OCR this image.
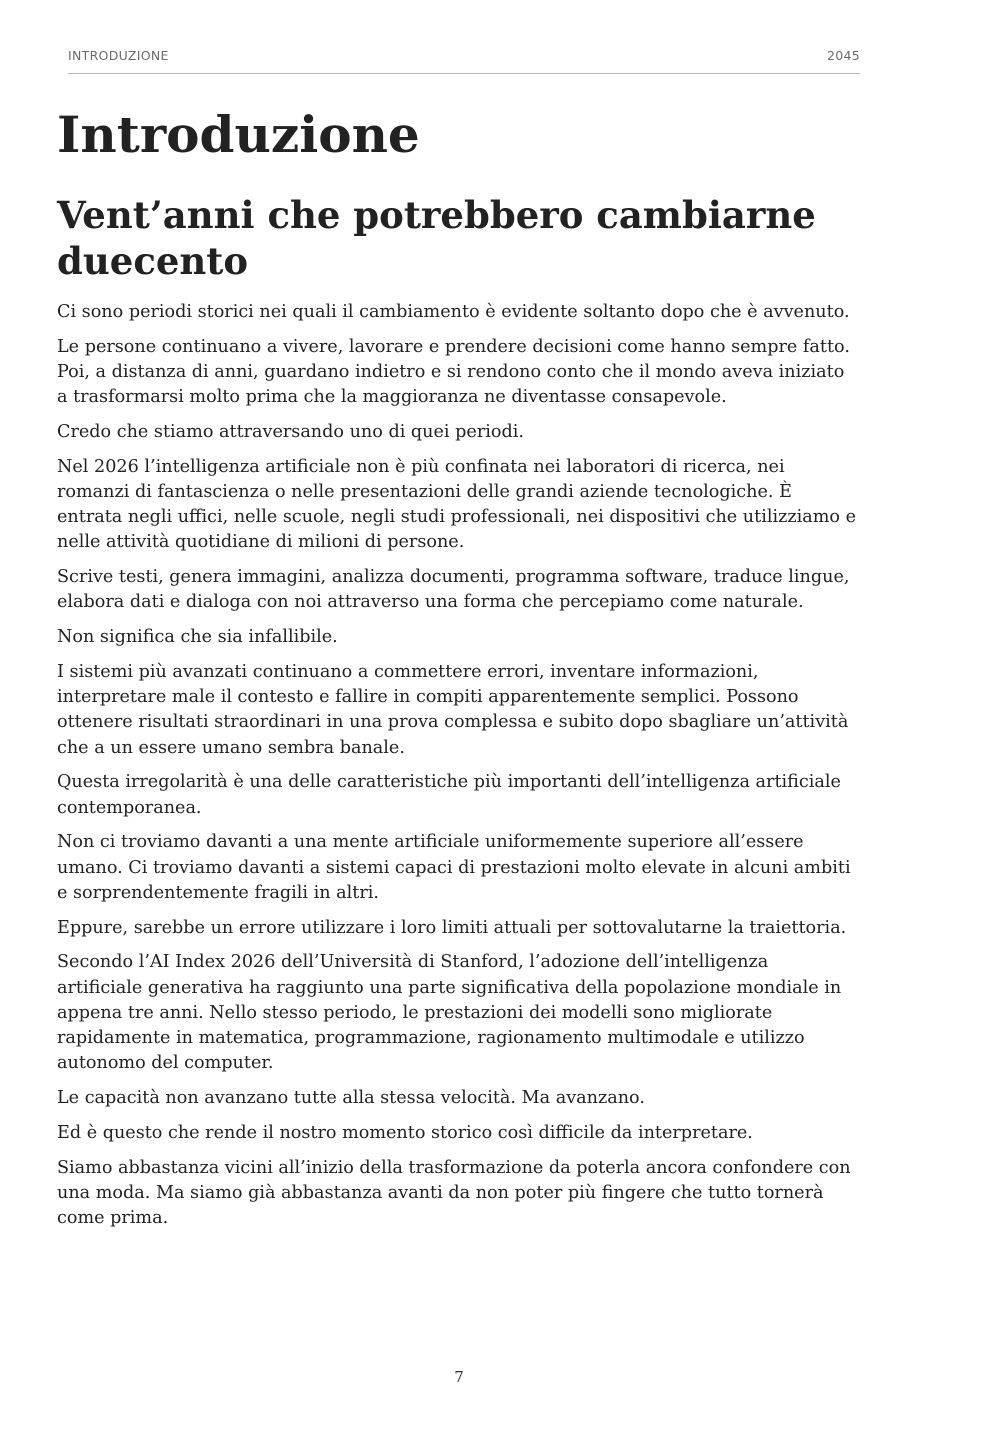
INTRODUZIONE	2045
Introduzione
Vent’anni che potrebbero cambiarne duecento

Ci sono periodi storici nei quali il cambiamento è evidente soltanto dopo che è avvenuto.

Le persone continuano a vivere, lavorare e prendere decisioni come hanno sempre fatto. Poi, a distanza di anni, guardano indietro e si rendono conto che il mondo aveva iniziato a trasformarsi molto prima che la maggioranza ne diventasse consapevole.

Credo che stiamo attraversando uno di quei periodi.

Nel 2026 l’intelligenza artificiale non è più confinata nei laboratori di ricerca, nei romanzi di fantascienza o nelle presentazioni delle grandi aziende tecnologiche. È entrata negli uffici, nelle scuole, negli studi professionali, nei dispositivi che utilizziamo e nelle attività quotidiane di milioni di persone.

Scrive testi, genera immagini, analizza documenti, programma software, traduce lingue, elabora dati e dialoga con noi attraverso una forma che percepiamo come naturale.

Non significa che sia infallibile.

I sistemi più avanzati continuano a commettere errori, inventare informazioni, interpretare male il contesto e fallire in compiti apparentemente semplici. Possono ottenere risultati straordinari in una prova complessa e subito dopo sbagliare un’attività che a un essere umano sembra banale.

Questa irregolarità è una delle caratteristiche più importanti dell’intelligenza artificiale contemporanea.

Non ci troviamo davanti a una mente artificiale uniformemente superiore all’essere umano. Ci troviamo davanti a sistemi capaci di prestazioni molto elevate in alcuni ambiti e sorprendentemente fragili in altri.

Eppure, sarebbe un errore utilizzare i loro limiti attuali per sottovalutarne la traiettoria.

Secondo l’AI Index 2026 dell’Università di Stanford, l’adozione dell’intelligenza artificiale generativa ha raggiunto una parte significativa della popolazione mondiale in appena tre anni. Nello stesso periodo, le prestazioni dei modelli sono migliorate rapidamente in matematica, programmazione, ragionamento multimodale e utilizzo autonomo del computer.

Le capacità non avanzano tutte alla stessa velocità. Ma avanzano.

Ed è questo che rende il nostro momento storico così difficile da interpretare.

Siamo abbastanza vicini all’inizio della trasformazione da poterla ancora confondere con una moda. Ma siamo già abbastanza avanti da non poter più fingere che tutto tornerà come prima.

7
